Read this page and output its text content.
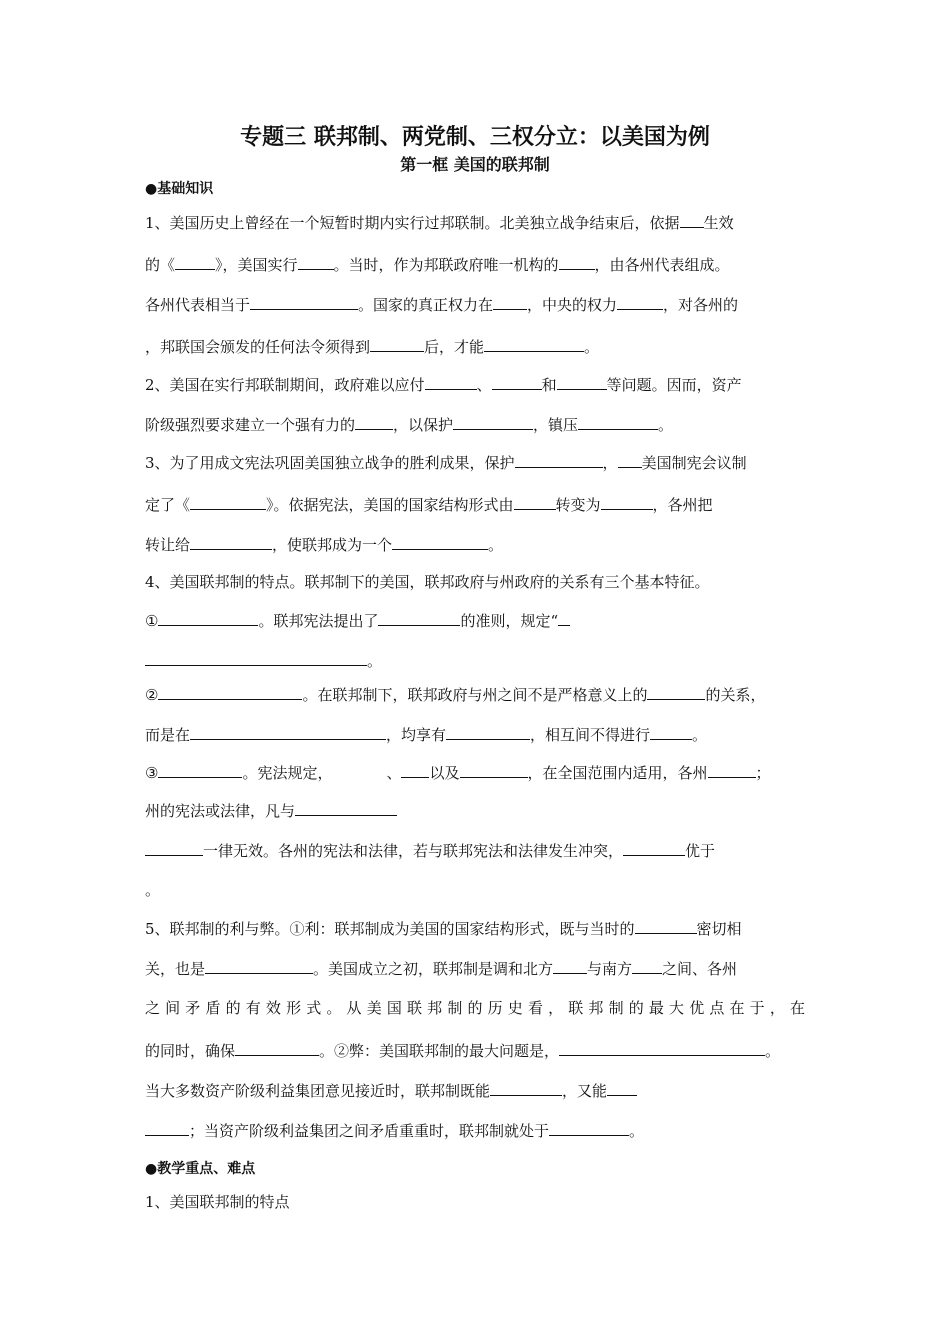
专题三 联邦制、两党制、三权分立：以美国为例
第一框 美国的联邦制
●基础知识
1、美国历史上曾经在一个短暂时期内实行过邦联制。北美独立战争结束后，依据 生效
的《	》，美国实行 。当时，作为邦联政府唯一机构的 ，由各州代表组成。
各州代表相当于	。国家的真正权力在 ，中央的权力	，对各州的
，邦联国会颁发的任何法令须得到	后，才能	。
2、美国在实行邦联制期间，政府难以应付	、	和	等问题。因而，资产
阶级强烈要求建立一个强有力的	，以保护	，镇压	。
3、为了用成文宪法巩固美国独立战争的胜利成果，保护	， 美国制宪会议制
定了《	》。依据宪法，美国的国家结构形式由	转变为	，各州把
转让给	，使联邦成为一个	。
4、美国联邦制的特点。联邦制下的美国，联邦政府与州政府的关系有三个基本特征。
①	。联邦宪法提出了	的准则，规定“
。
②	。在联邦制下，联邦政府与州之间不是严格意义上的	的关系，
而是在	，均享有	，相互间不得进行	。
③	。宪法规定，	、 以及	，在全国范围内适用，各州	；
州的宪法或法律，凡与
一律无效。各州的宪法和法律，若与联邦宪法和法律发生冲突，	优于
。
5、联邦制的利与弊。①利：联邦制成为美国的国家结构形式，既与当时的	密切相
关，也是	。美国成立之初，联邦制是调和北方 与南方 之间、各州
之间矛盾的有效形式。从美国联邦制的历史看，联邦制的最大优点在于，在
的同时，确保	。②弊：美国联邦制的最大问题是，	。
当大多数资产阶级利益集团意见接近时，联邦制既能	，又能
；当资产阶级利益集团之间矛盾重重时，联邦制就处于	。
●教学重点、难点
1、美国联邦制的特点
